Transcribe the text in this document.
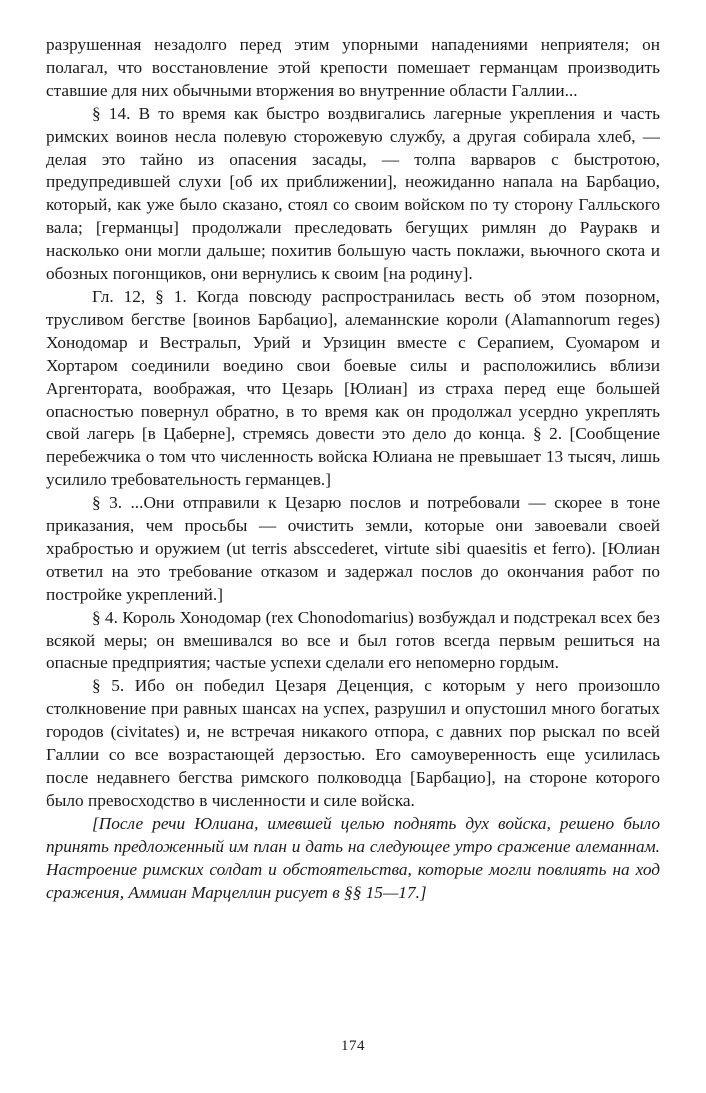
разрушенная незадолго перед этим упорными нападениями неприятеля; он полагал, что восстановление этой крепости помешает германцам производить ставшие для них обычными вторжения во внутренние области Галлии...

§ 14. В то время как быстро воздвигались лагерные укрепления и часть римских воинов несла полевую сторожевую службу, а другая собирала хлеб, — делая это тайно из опасения засады, — толпа варваров с быстротою, предупредившей слухи [об их приближении], неожиданно напала на Барбацио, который, как уже было сказано, стоял со своим войском по ту сторону Галльского вала; [германцы] продолжали преследовать бегущих римлян до Рауракв и насколько они могли дальше; похитив большую часть поклажи, вьючного скота и обозных погонщиков, они вернулись к своим [на родину].

Гл. 12, § 1. Когда повсюду распространилась весть об этом позорном, трусливом бегстве [воинов Барбацио], алеманнские короли (Alamannorum reges) Хонодомар и Вестральп, Урий и Урзицин вместе с Серапием, Суомаром и Хортаром соединили воедино свои боевые силы и расположились вблизи Аргентората, воображая, что Цезарь [Юлиан] из страха перед еще большей опасностью повернул обратно, в то время как он продолжал усердно укреплять свой лагерь [в Цаберне], стремясь довести это дело до конца. § 2. [Сообщение перебежчика о том что численность войска Юлиана не превышает 13 тысяч, лишь усилило требовательность германцев.]

§ 3. ...Они отправили к Цезарю послов и потребовали — скорее в тоне приказания, чем просьбы — очистить земли, которые они завоевали своей храбростью и оружием (ut terris absccederet, virtute sibi quaesitis et ferro). [Юлиан ответил на это требование отказом и задержал послов до окончания работ по постройке укреплений.]

§ 4. Король Хонодомар (rex Chonodomarius) возбуждал и подстрекал всех без всякой меры; он вмешивался во все и был готов всегда первым решиться на опасные предприятия; частые успехи сделали его непомерно гордым.

§ 5. Ибо он победил Цезаря Деценция, с которым у него произошло столкновение при равных шансах на успех, разрушил и опустошил много богатых городов (civitates) и, не встречая никакого отпора, с давних пор рыскал по всей Галлии со все возрастающей дерзостью. Его самоуверенность еще усилилась после недавнего бегства римского полководца [Барбацио], на стороне которого было превосходство в численности и силе войска.

[После речи Юлиана, имевшей целью поднять дух войска, решено было принять предложенный им план и дать на следующее утро сражение алеманнам. Настроение римских солдат и обстоятельства, которые могли повлиять на ход сражения, Аммиан Марцеллин рисует в §§ 15—17.]

174
